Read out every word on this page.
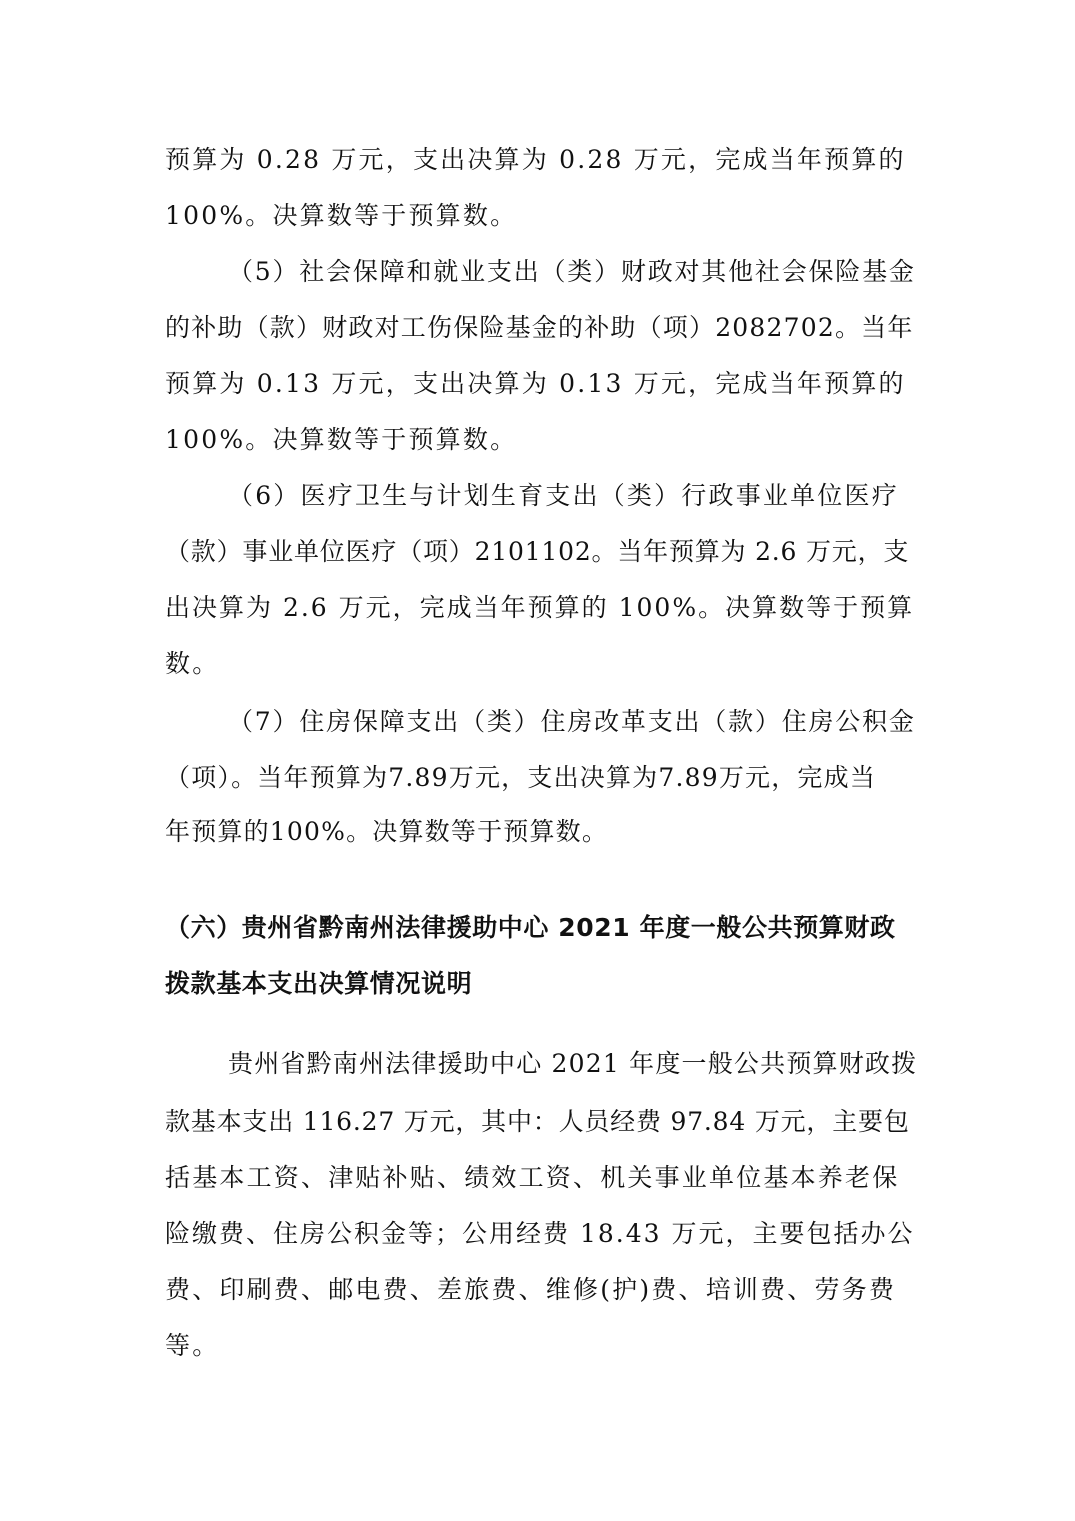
预算为 0.28 万元，支出决算为 0.28 万元，完成当年预算的
100%。决算数等于预算数。
（5）社会保障和就业支出（类）财政对其他社会保险基金
的补助（款）财政对工伤保险基金的补助（项）2082702。当年
预算为 0.13 万元，支出决算为 0.13 万元，完成当年预算的
100%。决算数等于预算数。
（6）医疗卫生与计划生育支出（类）行政事业单位医疗
（款）事业单位医疗（项）2101102。当年预算为 2.6 万元，支
出决算为 2.6 万元，完成当年预算的 100%。决算数等于预算
数。
（7）住房保障支出（类）住房改革支出（款）住房公积金
（项）。当年预算为7.89万元，支出决算为7.89万元，完成当
年预算的100%。决算数等于预算数。
（六）贵州省黔南州法律援助中心 2021 年度一般公共预算财政
拨款基本支出决算情况说明
贵州省黔南州法律援助中心 2021 年度一般公共预算财政拨
款基本支出 116.27 万元，其中：人员经费 97.84 万元，主要包
括基本工资、津贴补贴、绩效工资、机关事业单位基本养老保
险缴费、住房公积金等；公用经费 18.43 万元，主要包括办公
费、印刷费、邮电费、差旅费、维修(护)费、培训费、劳务费
等。
